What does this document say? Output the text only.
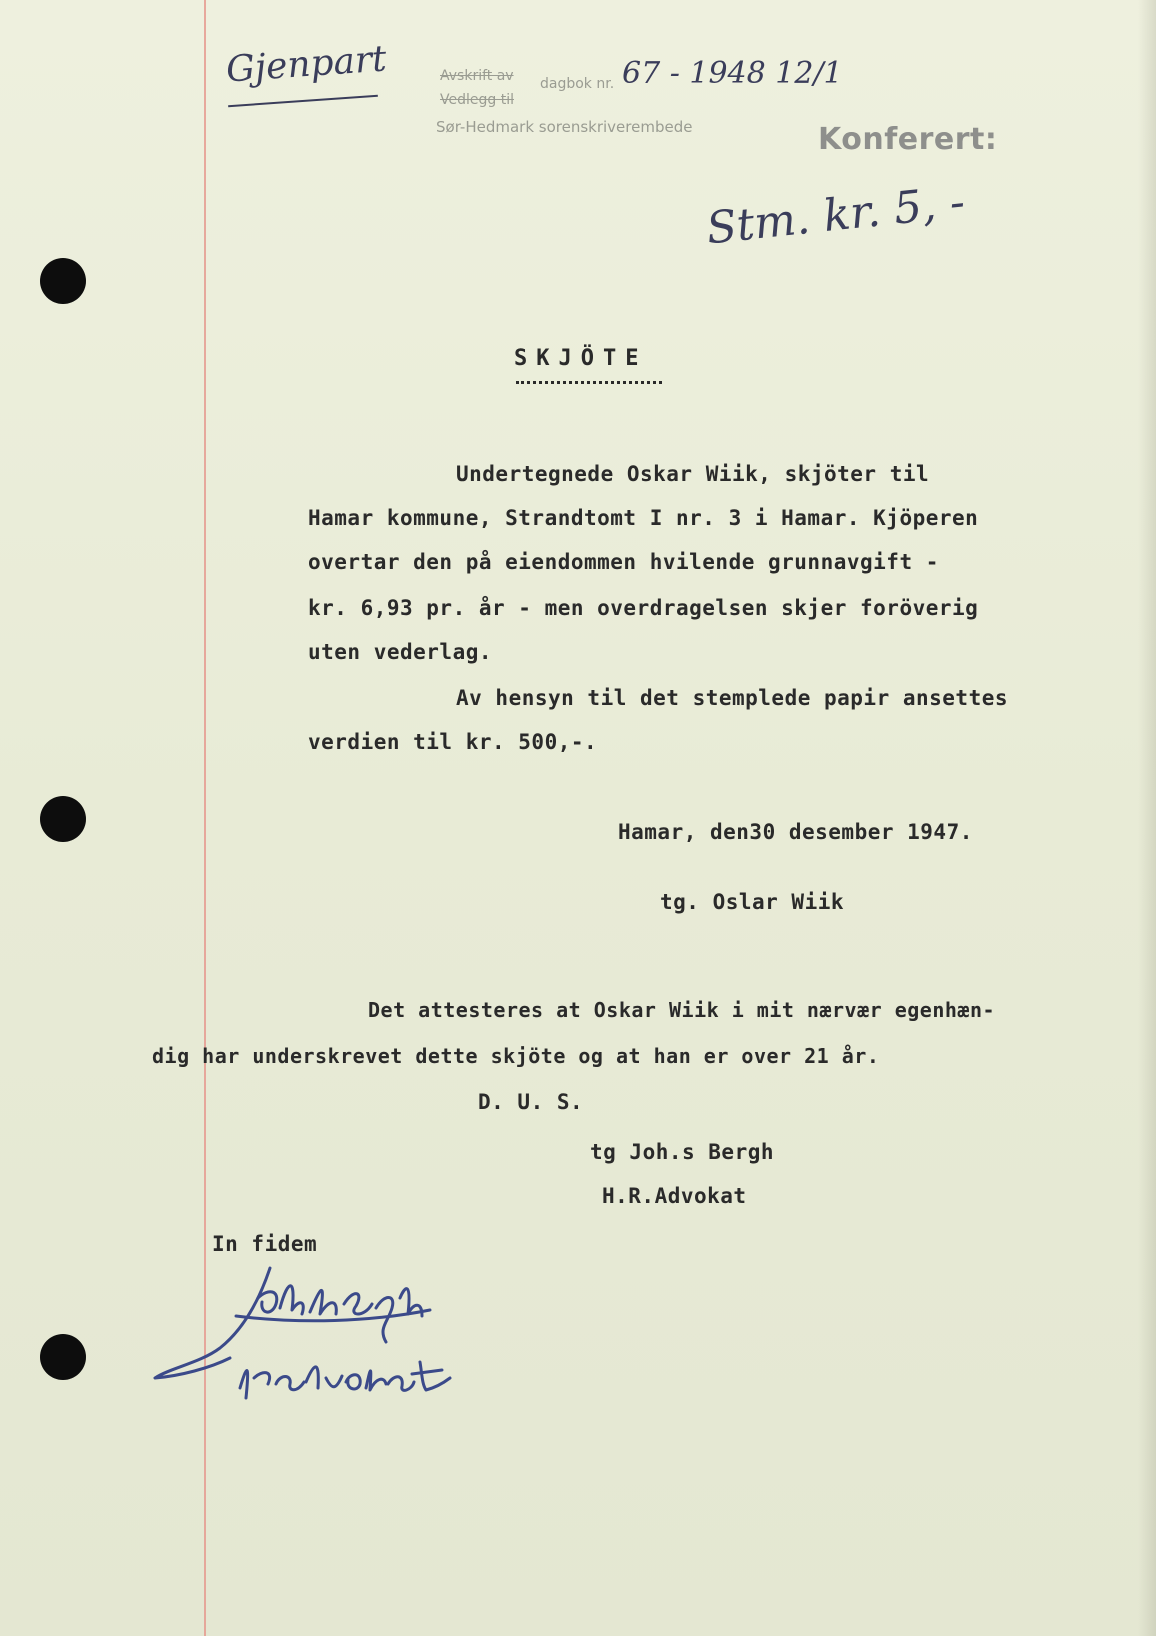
Gjenpart	Avskrift av dagbok nr.
Vedlegg til
Sør-Hedmark sorenskriverembede
67 - 1948 12/1
Konferert:
Stm. kr. 5, -
SKJÖTE
Undertegnede Oskar Wiik, skjöter til
Hamar kommune, Strandtomt I nr. 3 i Hamar. Kjöperen
overtar den på eiendommen hvilende grunnavgift -
kr. 6,93 pr. år - men overdragelsen skjer foröverig
uten vederlag.
Av hensyn til det stemplede papir ansettes
verdien til kr. 500,-.
Hamar, den30 desember 1947.
tg. Oslar Wiik
Det attesteres at Oskar Wiik i mit nærvær egenhæn-
dig har underskrevet dette skjöte og at han er over 21 år.
D. U. S.
tg Joh.s Bergh
H.R.Advokat
In fidem
